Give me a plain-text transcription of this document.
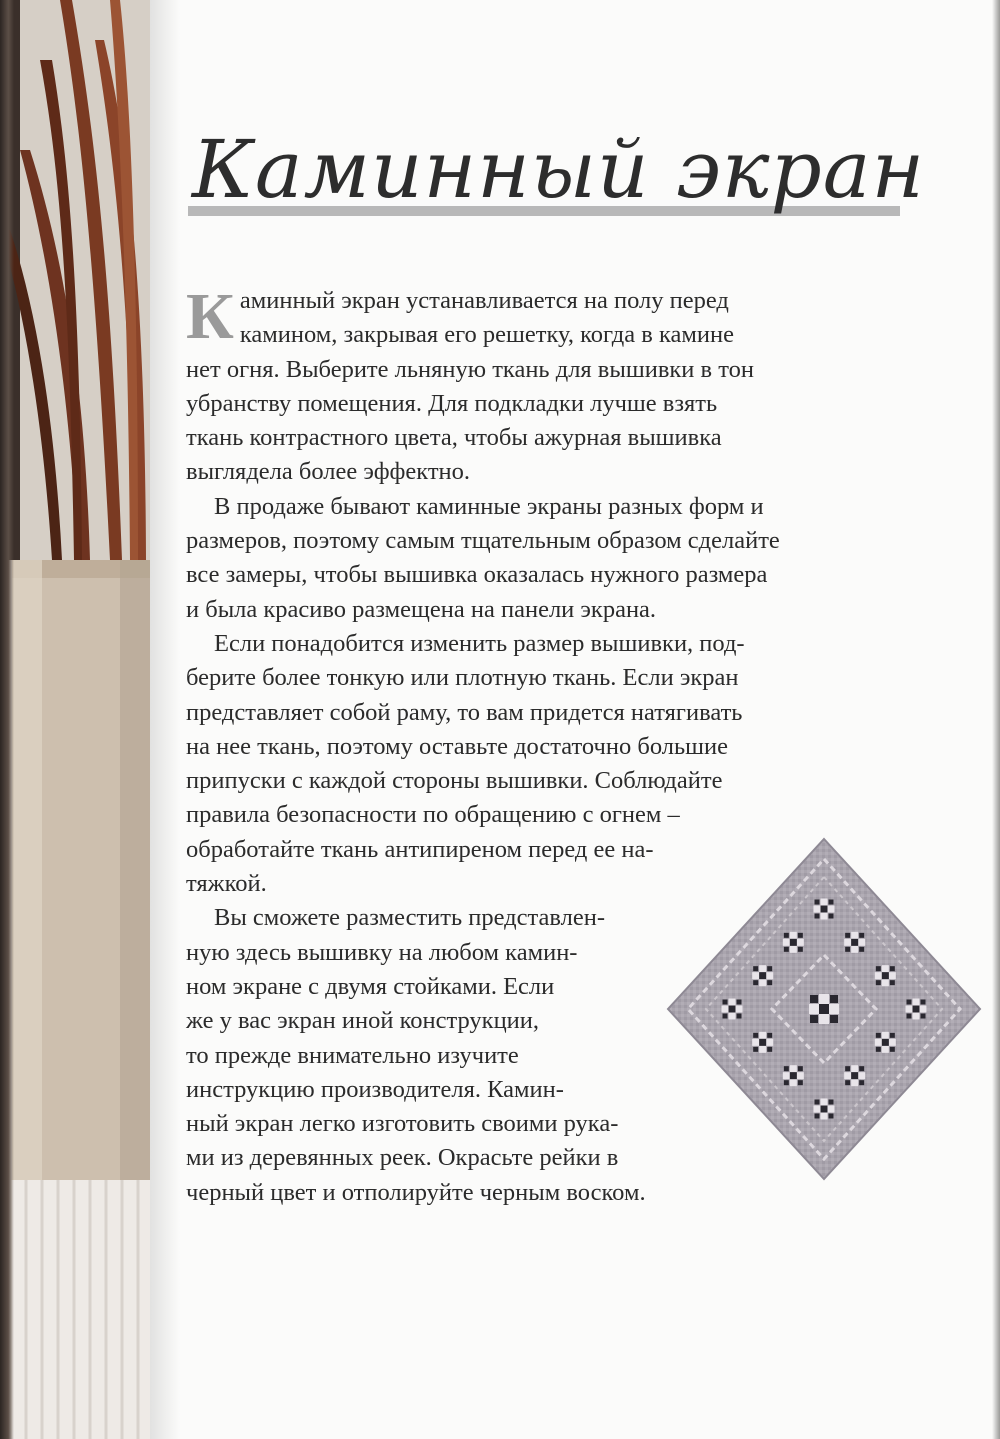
Каминный экран

К аминный экран устанавливается на полу перед
камином, закрывая его решетку, когда в камине
нет огня. Выберите льняную ткань для вышивки в тон
убранству помещения. Для подкладки лучше взять
ткань контрастного цвета, чтобы ажурная вышивка
выглядела более эффектно.

В продаже бывают каминные экраны разных форм и
размеров, поэтому самым тщательным образом сделайте
все замеры, чтобы вышивка оказалась нужного размера
и была красиво размещена на панели экрана.

Если понадобится изменить размер вышивки, под-
берите более тонкую или плотную ткань. Если экран
представляет собой раму, то вам придется натягивать
на нее ткань, поэтому оставьте достаточно большие
припуски с каждой стороны вышивки. Соблюдайте
правила безопасности по обращению с огнем –
обработайте ткань антипиреном перед ее на-
тяжкой.

Вы сможете разместить представлен-
ную здесь вышивку на любом камин-
ном экране с двумя стойками. Если
же у вас экран иной конструкции,
то прежде внимательно изучите
инструкцию производителя. Камин-
ный экран легко изготовить своими рука-
ми из деревянных реек. Окрасьте рейки в
черный цвет и отполируйте черным воском.
